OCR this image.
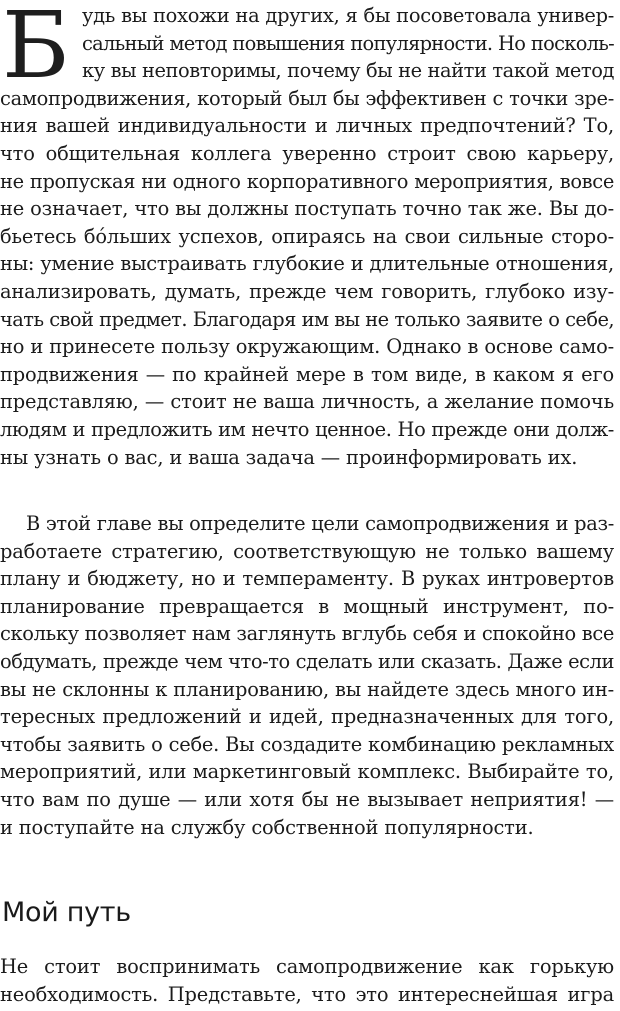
Б удь вы похожи на других, я бы посоветовала универ-
сальный метод повышения популярности. Но посколь-
ку вы неповторимы, почему бы не найти такой метод
самопродвижения, который был бы эффективен с точки зре-
ния вашей индивидуальности и личных предпочтений? То,
что общительная коллега уверенно строит свою карьеру,
не пропуская ни одного корпоративного мероприятия, вовсе
не означает, что вы должны поступать точно так же. Вы до-
бьетесь бóльших успехов, опираясь на свои сильные сторо-
ны: умение выстраивать глубокие и длительные отношения,
анализировать, думать, прежде чем говорить, глубоко изу-
чать свой предмет. Благодаря им вы не только заявите о себе,
но и принесете пользу окружающим. Однако в основе само-
продвижения — по крайней мере в том виде, в каком я его
представляю, — стоит не ваша личность, а желание помочь
людям и предложить им нечто ценное. Но прежде они долж-
ны узнать о вас, и ваша задача — проинформировать их.
В этой главе вы определите цели самопродвижения и раз-
работаете стратегию, соответствующую не только вашему
плану и бюджету, но и темпераменту. В руках интровертов
планирование превращается в мощный инструмент, по-
скольку позволяет нам заглянуть вглубь себя и спокойно все
обдумать, прежде чем что-то сделать или сказать. Даже если
вы не склонны к планированию, вы найдете здесь много ин-
тересных предложений и идей, предназначенных для того,
чтобы заявить о себе. Вы создадите комбинацию рекламных
мероприятий, или маркетинговый комплекс. Выбирайте то,
что вам по душе — или хотя бы не вызывает неприятия! —
и поступайте на службу собственной популярности.
Мой путь
Не стоит воспринимать самопродвижение как горькую
необходимость. Представьте, что это интереснейшая игра
